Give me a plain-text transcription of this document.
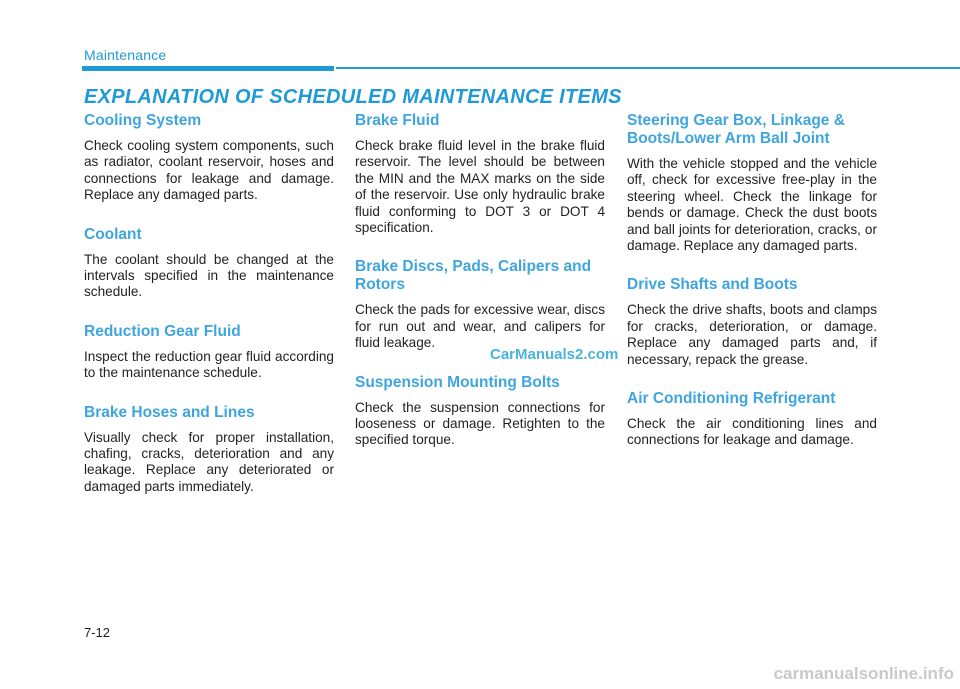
Maintenance
EXPLANATION OF SCHEDULED MAINTENANCE ITEMS
Cooling System
Check cooling system components, such as radiator, coolant reservoir, hoses and connections for leakage and damage. Replace any damaged parts.
Coolant
The coolant should be changed at the intervals specified in the maintenance schedule.
Reduction Gear Fluid
Inspect the reduction gear fluid according to the maintenance schedule.
Brake Hoses and Lines
Visually check for proper installation, chafing, cracks, deterioration and any leakage. Replace any deteriorated or damaged parts immediately.
Brake Fluid
Check brake fluid level in the brake fluid reservoir. The level should be between the MIN and the MAX marks on the side of the reservoir. Use only hydraulic brake fluid conforming to DOT 3 or DOT 4 specification.
Brake Discs, Pads, Calipers and Rotors
Check the pads for excessive wear, discs for run out and wear, and calipers for fluid leakage.
Suspension Mounting Bolts
Check the suspension connections for looseness or damage. Retighten to the specified torque.
Steering Gear Box, Linkage & Boots/Lower Arm Ball Joint
With the vehicle stopped and the vehicle off, check for excessive free-play in the steering wheel. Check the linkage for bends or damage. Check the dust boots and ball joints for deterioration, cracks, or damage. Replace any damaged parts.
Drive Shafts and Boots
Check the drive shafts, boots and clamps for cracks, deterioration, or damage. Replace any damaged parts and, if necessary, repack the grease.
Air Conditioning Refrigerant
Check the air conditioning lines and connections for leakage and damage.
CarManuals2.com
7-12
carmanualsonline.info
